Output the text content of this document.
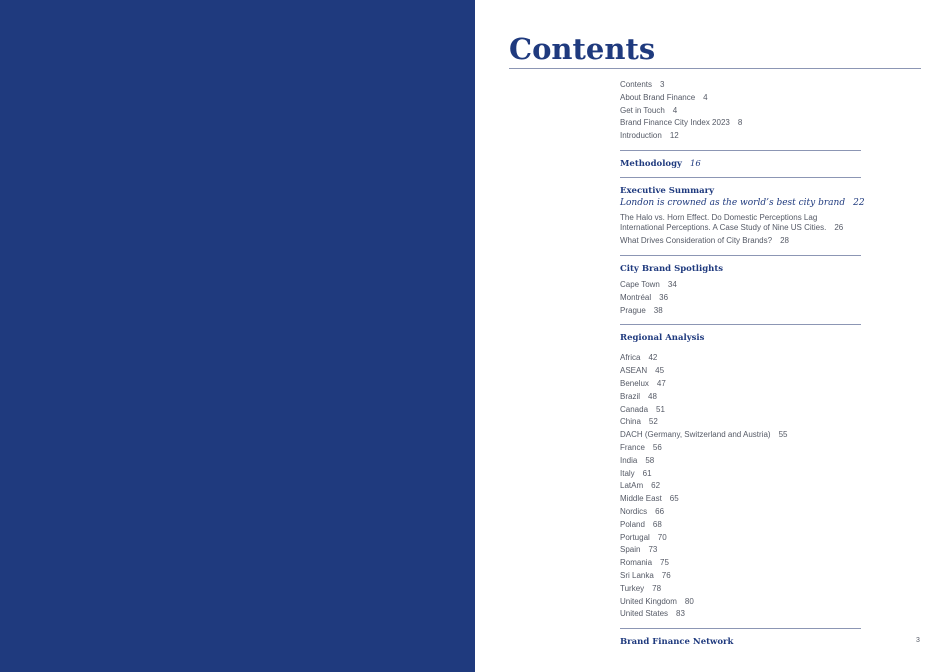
Contents
Contents 3
About Brand Finance 4
Get in Touch 4
Brand Finance City Index 2023 8
Introduction 12
Methodology 16
Executive Summary
London is crowned as the world’s best city brand 22
The Halo vs. Horn Effect. Do Domestic Perceptions Lag International Perceptions. A Case Study of Nine US Cities. 26
What Drives Consideration of City Brands? 28
City Brand Spotlights
Cape Town 34
Montréal 36
Prague 38
Regional Analysis
Africa 42
ASEAN 45
Benelux 47
Brazil 48
Canada 51
China 52
DACH (Germany, Switzerland and Austria) 55
France 56
India 58
Italy 61
LatAm 62
Middle East 65
Nordics 66
Poland 68
Portugal 70
Spain 73
Romania 75
Sri Lanka 76
Turkey 78
United Kingdom 80
United States 83
Brand Finance Network	3
